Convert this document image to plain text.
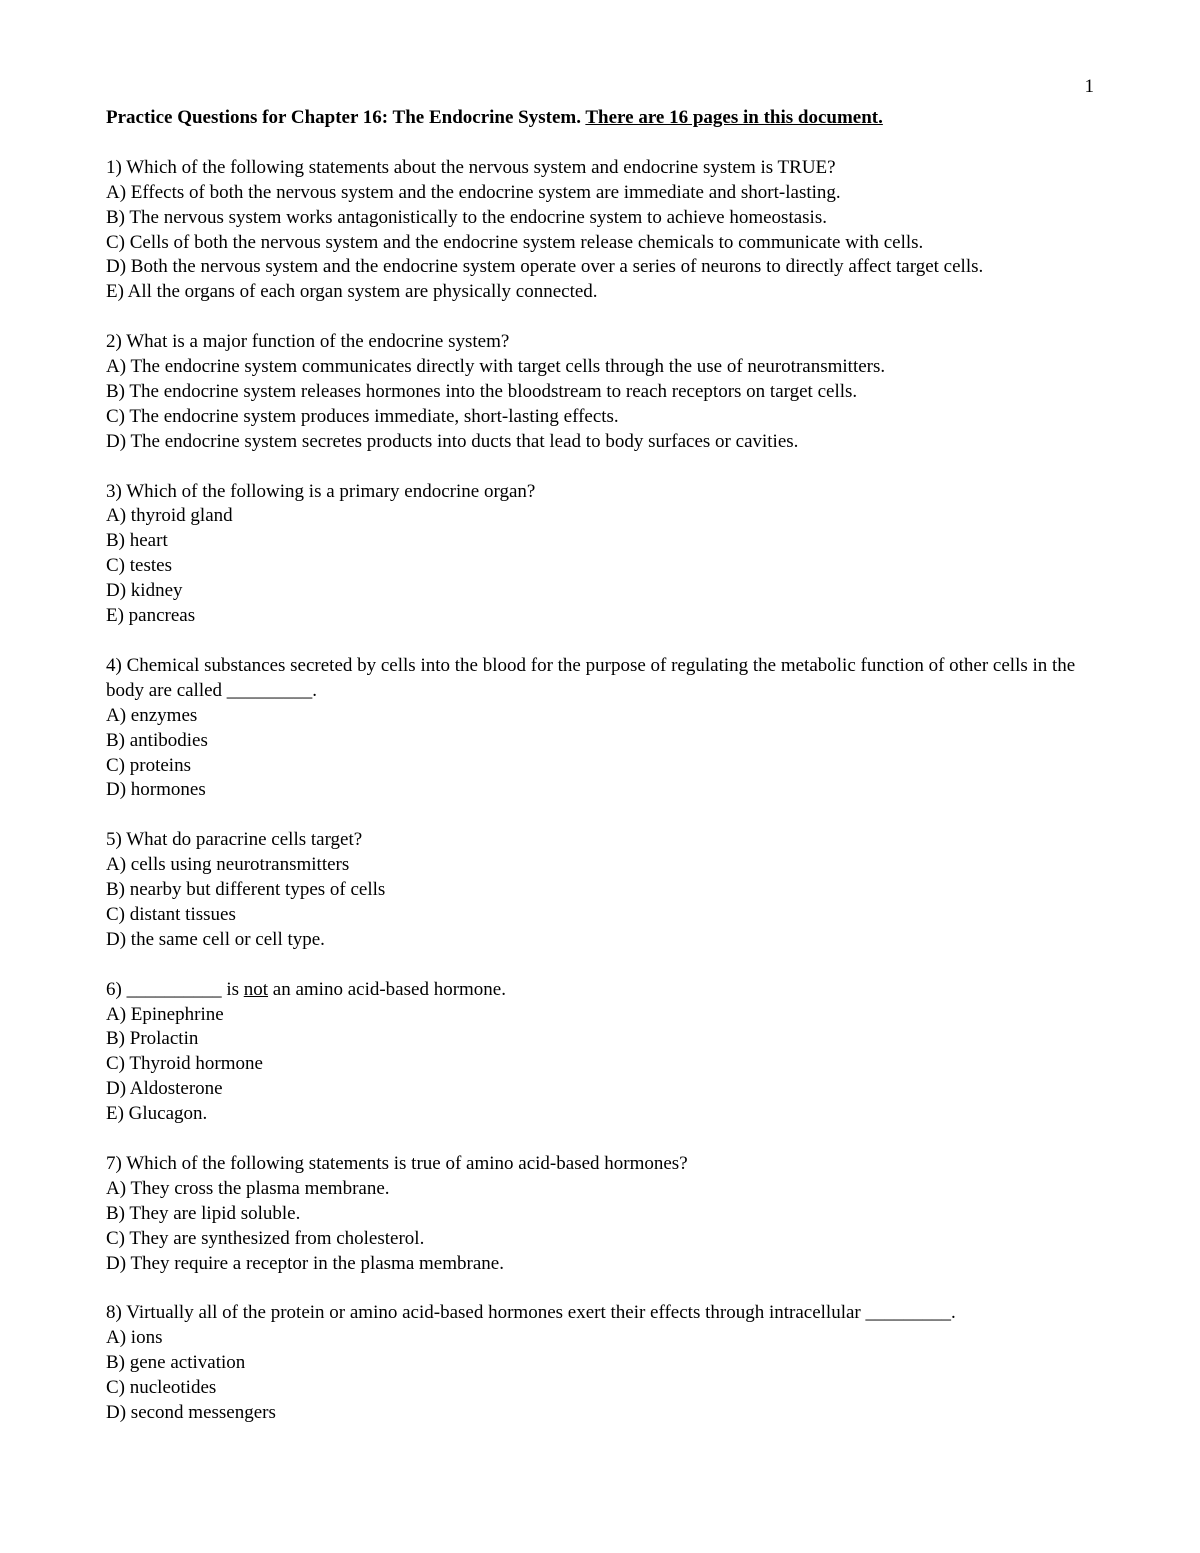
1

Practice Questions for Chapter 16: The Endocrine System. There are 16 pages in this document.

1) Which of the following statements about the nervous system and endocrine system is TRUE?

A) Effects of both the nervous system and the endocrine system are immediate and short-lasting.

B) The nervous system works antagonistically to the endocrine system to achieve homeostasis.

C) Cells of both the nervous system and the endocrine system release chemicals to communicate with cells.

D) Both the nervous system and the endocrine system operate over a series of neurons to directly affect target cells.

E) All the organs of each organ system are physically connected.

2) What is a major function of the endocrine system?

A) The endocrine system communicates directly with target cells through the use of neurotransmitters.

B) The endocrine system releases hormones into the bloodstream to reach receptors on target cells.

C) The endocrine system produces immediate, short-lasting effects.

D) The endocrine system secretes products into ducts that lead to body surfaces or cavities.

3) Which of the following is a primary endocrine organ?

A) thyroid gland

B) heart

C) testes

D) kidney

E) pancreas

4) Chemical substances secreted by cells into the blood for the purpose of regulating the metabolic function of other cells in the body are called _________.

A) enzymes

B) antibodies

C) proteins

D) hormones

5) What do paracrine cells target?

A) cells using neurotransmitters

B) nearby but different types of cells

C) distant tissues

D) the same cell or cell type.

6) __________ is not an amino acid-based hormone.

A) Epinephrine

B) Prolactin

C) Thyroid hormone

D) Aldosterone

E) Glucagon.

7) Which of the following statements is true of amino acid-based hormones?

A) They cross the plasma membrane.

B) They are lipid soluble.

C) They are synthesized from cholesterol.

D) They require a receptor in the plasma membrane.

8) Virtually all of the protein or amino acid-based hormones exert their effects through intracellular _________.

A) ions

B) gene activation

C) nucleotides

D) second messengers
